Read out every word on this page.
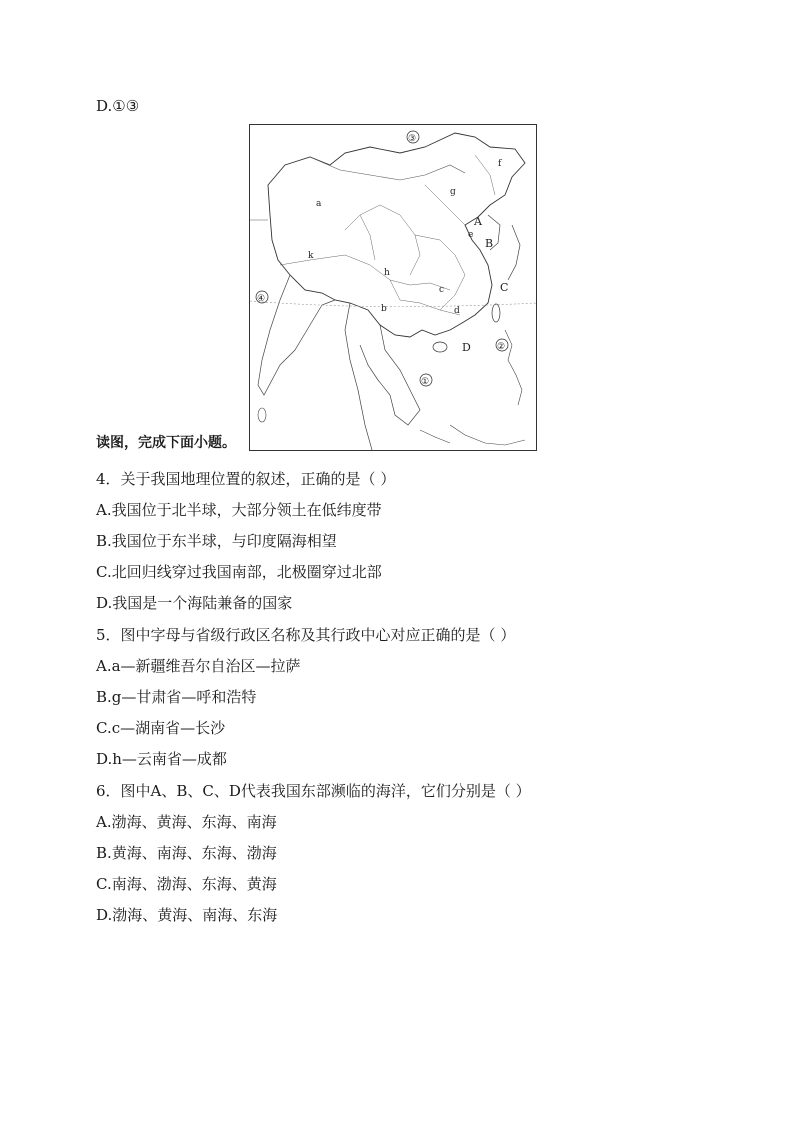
D.①③
a
k
h
b
c
d
e
f
g
A
B
C
D
③
④
②
①
读图，完成下面小题。
4．关于我国地理位置的叙述，正确的是（ ）
A.我国位于北半球，大部分领土在低纬度带
B.我国位于东半球，与印度隔海相望
C.北回归线穿过我国南部，北极圈穿过北部
D.我国是一个海陆兼备的国家
5．图中字母与省级行政区名称及其行政中心对应正确的是（ ）
A.a—新疆维吾尔自治区—拉萨
B.g—甘肃省—呼和浩特
C.c—湖南省—长沙
D.h—云南省—成都
6．图中A、B、C、D代表我国东部濒临的海洋，它们分别是（ ）
A.渤海、黄海、东海、南海
B.黄海、南海、东海、渤海
C.南海、渤海、东海、黄海
D.渤海、黄海、南海、东海
